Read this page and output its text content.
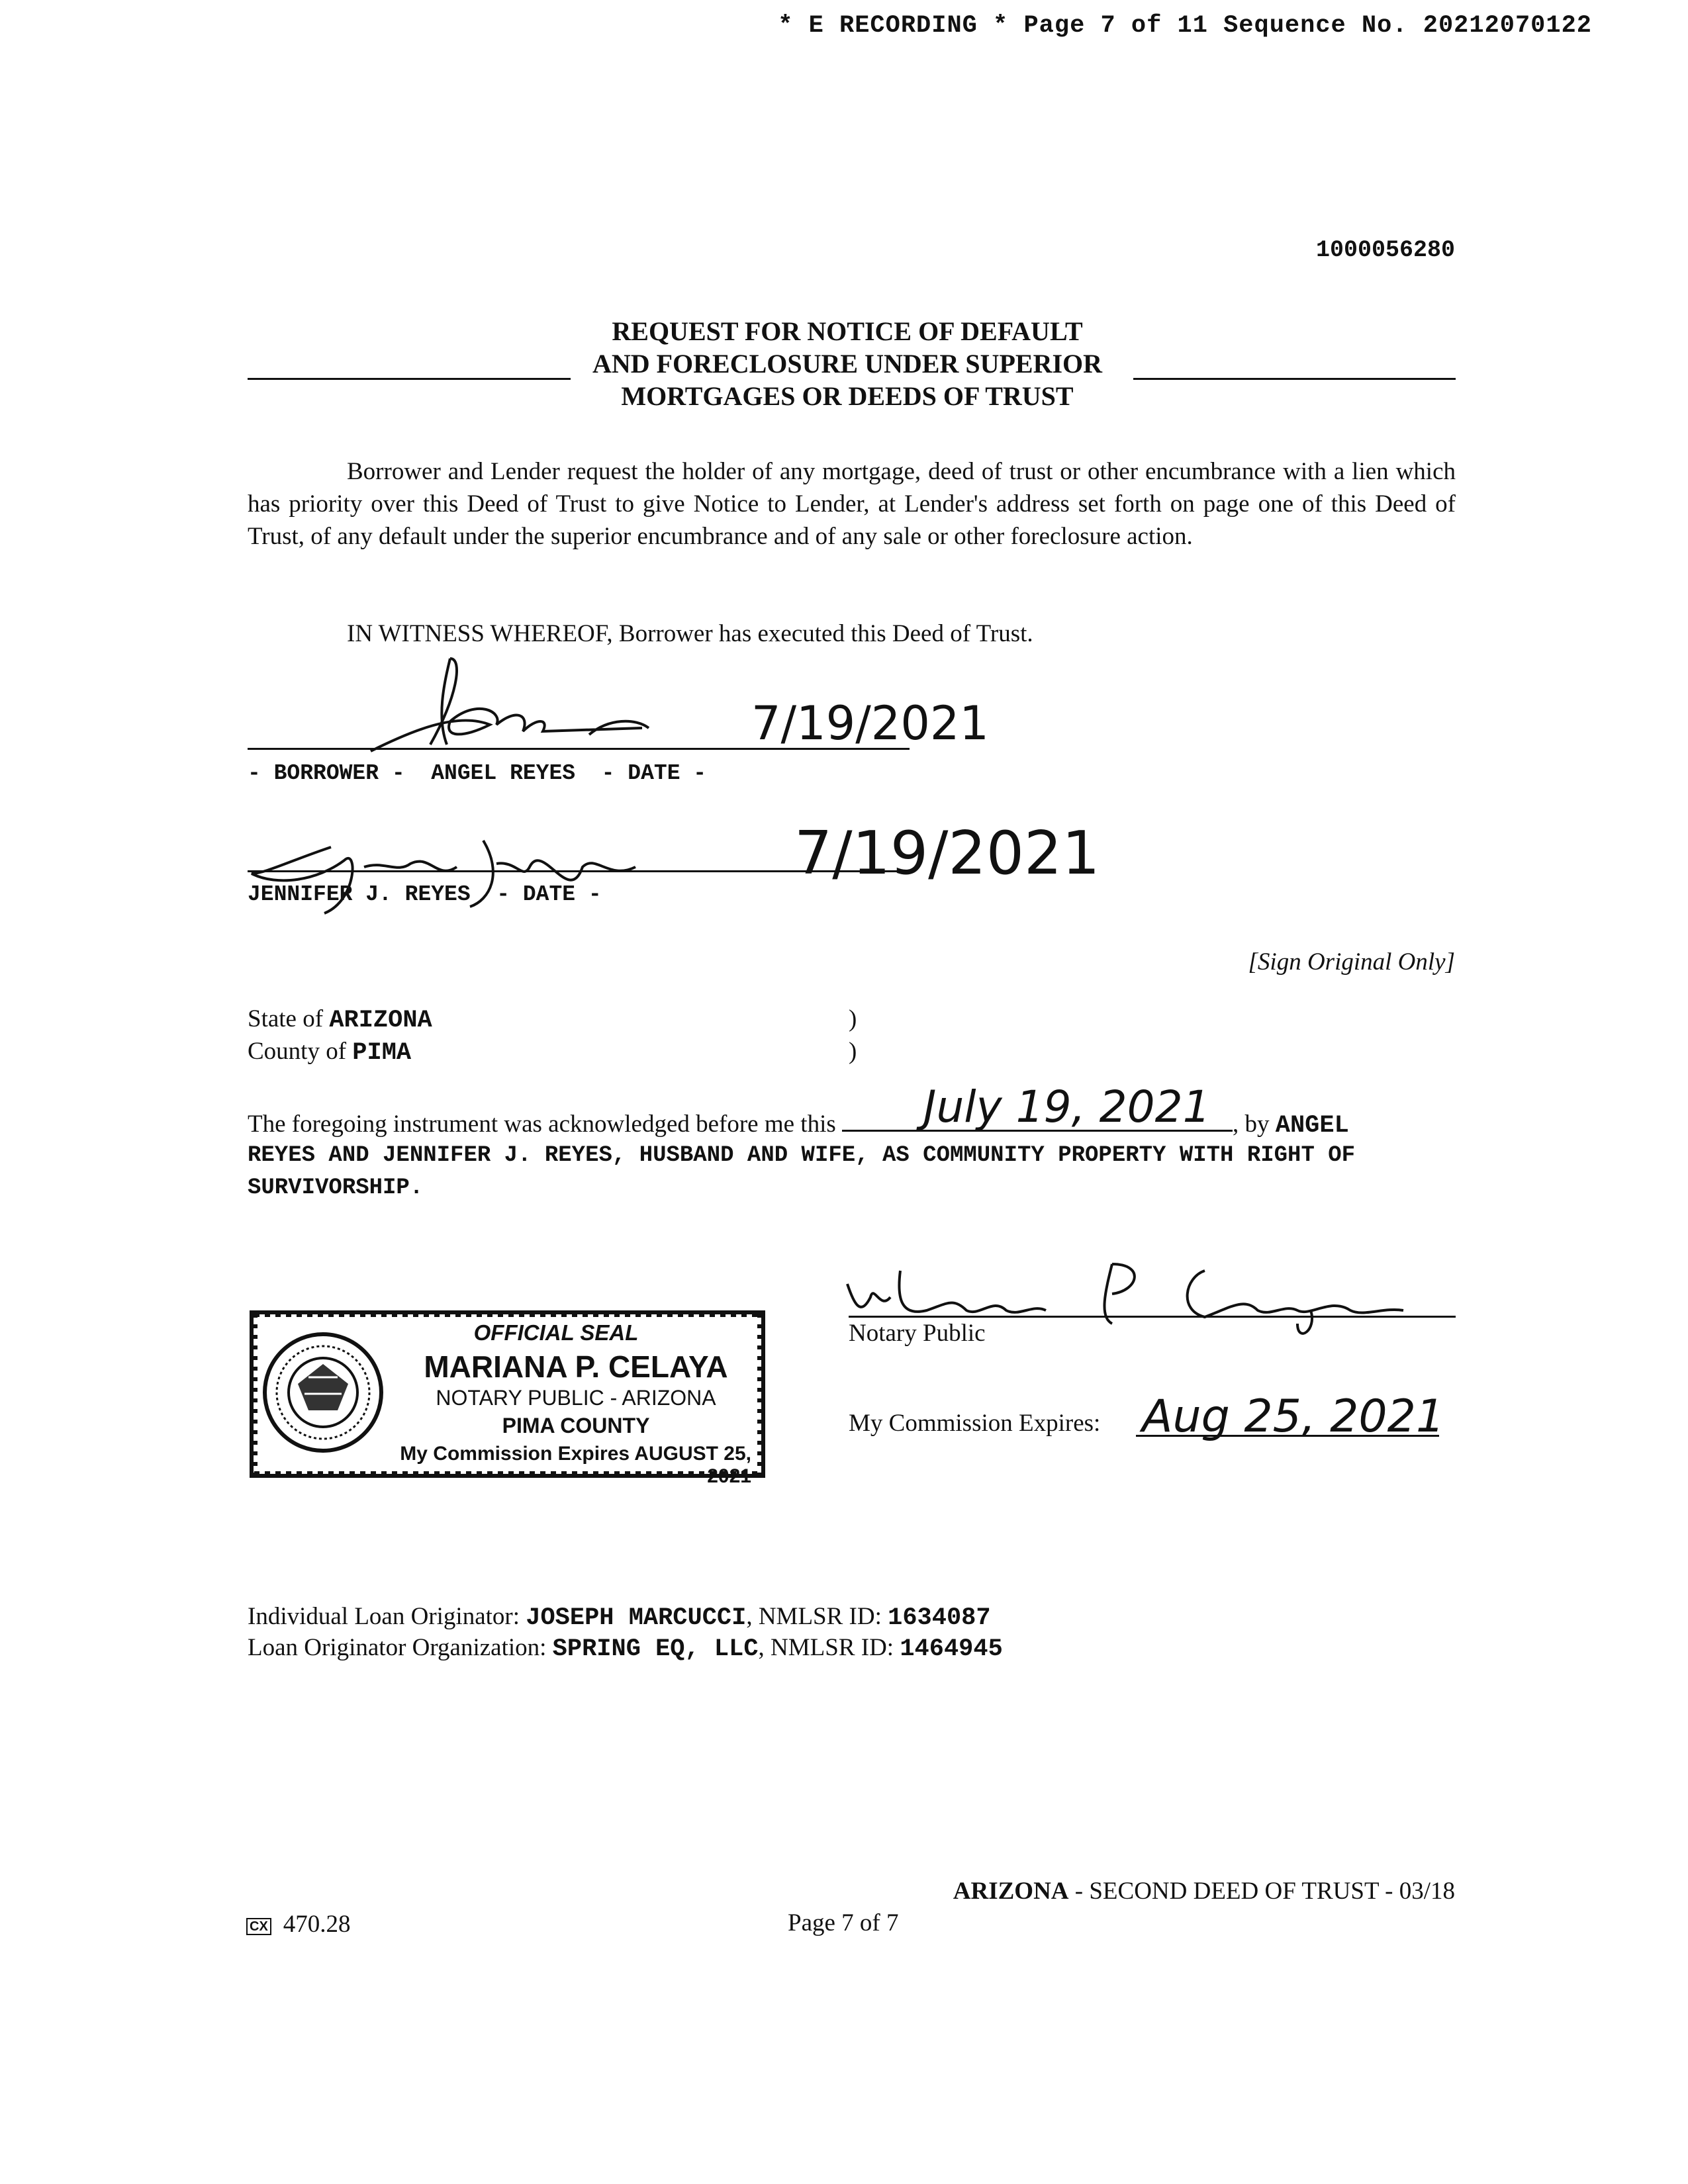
* E RECORDING * Page 7 of 11 Sequence No. 20212070122
1000056280
REQUEST FOR NOTICE OF DEFAULT
AND FORECLOSURE UNDER SUPERIOR
MORTGAGES OR DEEDS OF TRUST
Borrower and Lender request the holder of any mortgage, deed of trust or other encumbrance with a lien which has priority over this Deed of Trust to give Notice to Lender, at Lender's address set forth on page one of this Deed of Trust, of any default under the superior encumbrance and of any sale or other foreclosure action.
IN WITNESS WHEREOF, Borrower has executed this Deed of Trust.
7/19/2021
- BORROWER -  ANGEL REYES  - DATE -
7/19/2021
JENNIFER J. REYES  - DATE -
[Sign Original Only]
State of ARIZONA
County of PIMA
)
)
The foregoing instrument was acknowledged before me this	, by ANGEL
July 19, 2021
REYES AND JENNIFER J. REYES, HUSBAND AND WIFE, AS COMMUNITY PROPERTY WITH RIGHT OF SURVIVORSHIP.
Notary Public
My Commission Expires: Aug 25, 2021
OFFICIAL SEAL
MARIANA P. CELAYA
NOTARY PUBLIC - ARIZONA
PIMA COUNTY
My Commission Expires AUGUST 25, 2021
Individual Loan Originator: JOSEPH MARCUCCI, NMLSR ID: 1634087
Loan Originator Organization: SPRING EQ, LLC, NMLSR ID: 1464945
ARIZONA - SECOND DEED OF TRUST - 03/18
CX 470.28	Page 7 of 7
